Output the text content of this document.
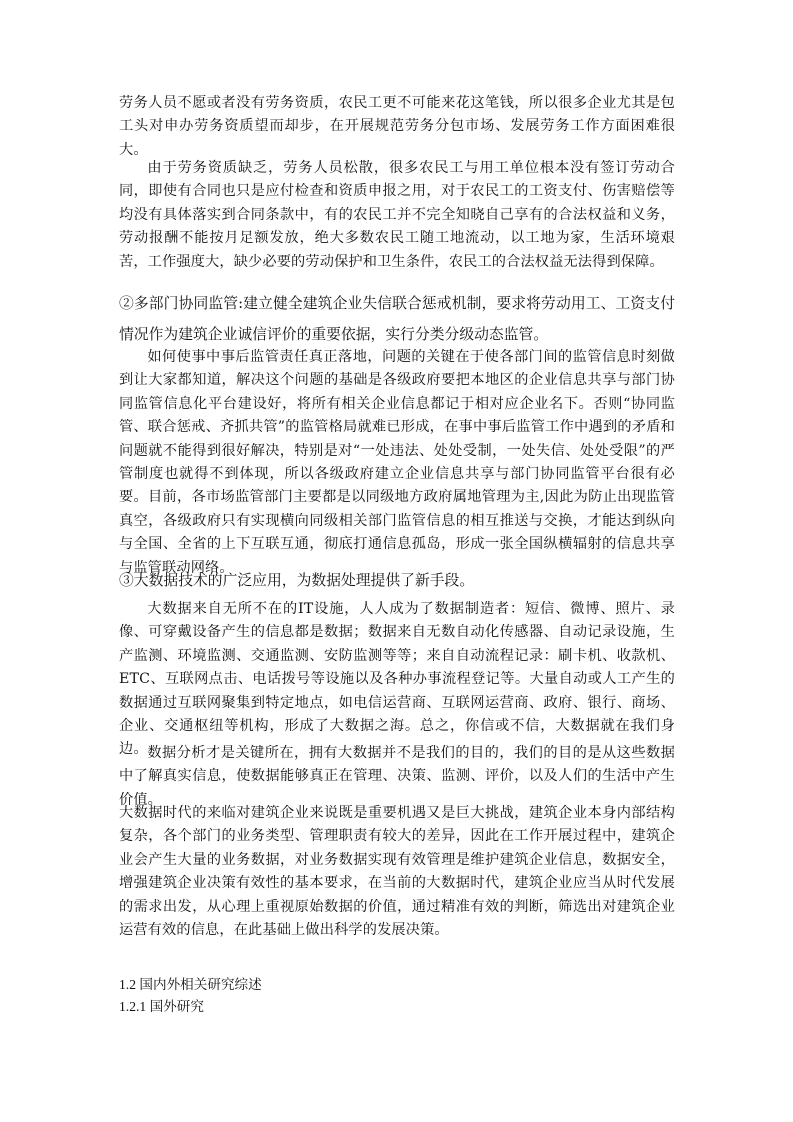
劳务人员不愿或者没有劳务资质，农民工更不可能来花这笔钱，所以很多企业尤其是包工头对申办劳务资质望而却步，在开展规范劳务分包市场、发展劳务工作方面困难很大。

由于劳务资质缺乏，劳务人员松散，很多农民工与用工单位根本没有签订劳动合同，即使有合同也只是应付检查和资质申报之用，对于农民工的工资支付、伤害赔偿等均没有具体落实到合同条款中，有的农民工并不完全知晓自己享有的合法权益和义务，劳动报酬不能按月足额发放，绝大多数农民工随工地流动，以工地为家，生活环境艰苦，工作强度大，缺少必要的劳动保护和卫生条件，农民工的合法权益无法得到保障。

②多部门协同监管:建立健全建筑企业失信联合惩戒机制，要求将劳动用工、工资支付情况作为建筑企业诚信评价的重要依据，实行分类分级动态监管。

如何使事中事后监管责任真正落地，问题的关键在于使各部门间的监管信息时刻做到让大家都知道，解决这个问题的基础是各级政府要把本地区的企业信息共享与部门协同监管信息化平台建设好，将所有相关企业信息都记于相对应企业名下。否则“协同监管、联合惩戒、齐抓共管”的监管格局就难已形成，在事中事后监管工作中遇到的矛盾和问题就不能得到很好解决，特别是对“一处违法、处处受制，一处失信、处处受限”的严管制度也就得不到体现，所以各级政府建立企业信息共享与部门协同监管平台很有必要。目前，各市场监管部门主要都是以同级地方政府属地管理为主,因此为防止出现监管真空，各级政府只有实现横向同级相关部门监管信息的相互推送与交换，才能达到纵向与全国、全省的上下互联互通，彻底打通信息孤岛，形成一张全国纵横辐射的信息共享与监管联动网络。

③大数据技术的广泛应用，为数据处理提供了新手段。

大数据来自无所不在的IT设施，人人成为了数据制造者：短信、微博、照片、录像、可穿戴设备产生的信息都是数据；数据来自无数自动化传感器、自动记录设施，生产监测、环境监测、交通监测、安防监测等等；来自自动流程记录：刷卡机、收款机、ETC、互联网点击、电话拨号等设施以及各种办事流程登记等。大量自动或人工产生的数据通过互联网聚集到特定地点，如电信运营商、互联网运营商、政府、银行、商场、企业、交通枢纽等机构，形成了大数据之海。总之，你信或不信，大数据就在我们身边。 数据分析才是关键所在，拥有大数据并不是我们的目的，我们的目的是从这些数据中了解真实信息，使数据能够真正在管理、决策、监测、评价，以及人们的生活中产生价值。

大数据时代的来临对建筑企业来说既是重要机遇又是巨大挑战，建筑企业本身内部结构复杂，各个部门的业务类型、管理职责有较大的差异，因此在工作开展过程中，建筑企业会产生大量的业务数据，对业务数据实现有效管理是维护建筑企业信息，数据安全，增强建筑企业决策有效性的基本要求，在当前的大数据时代，建筑企业应当从时代发展的需求出发，从心理上重视原始数据的价值，通过精准有效的判断，筛选出对建筑企业运营有效的信息，在此基础上做出科学的发展决策。

1.2 国内外相关研究综述

1.2.1 国外研究
